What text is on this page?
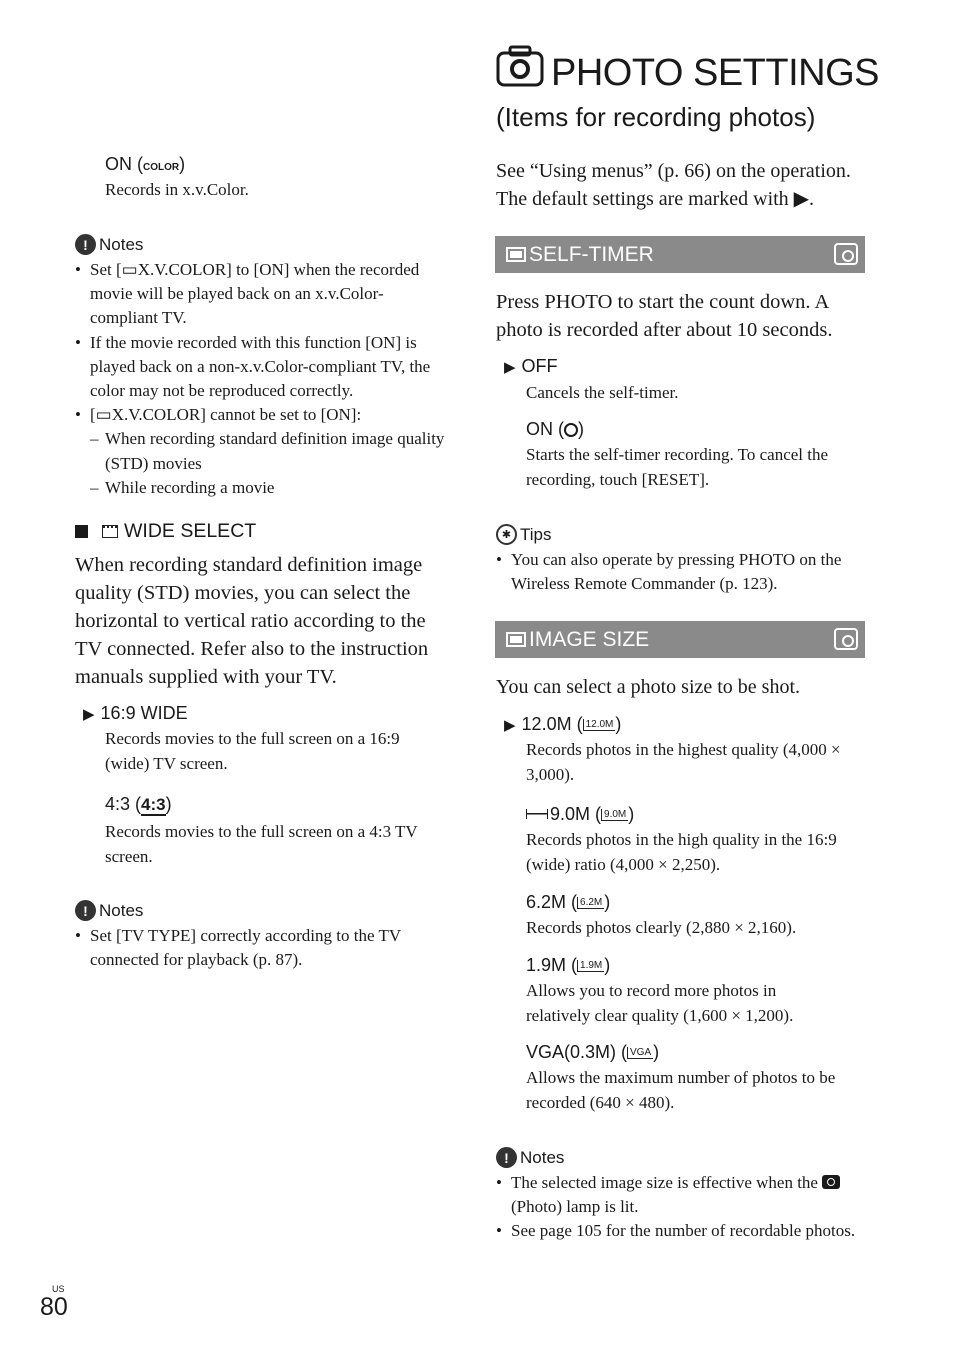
PHOTO SETTINGS
(Items for recording photos)
ON (COLOR)
Records in x.v.Color.
! Notes
• Set [▭X.V.COLOR] to [ON] when the recorded movie will be played back on an x.v.Color-compliant TV.
• If the movie recorded with this function [ON] is played back on a non-x.v.Color-compliant TV, the color may not be reproduced correctly.
• [▭X.V.COLOR] cannot be set to [ON]:
– When recording standard definition image quality (STD) movies
– While recording a movie
WIDE SELECT
When recording standard definition image quality (STD) movies, you can select the horizontal to vertical ratio according to the TV connected. Refer also to the instruction manuals supplied with your TV.
▶ 16:9 WIDE
Records movies to the full screen on a 16:9 (wide) TV screen.
4:3 (4:3)
Records movies to the full screen on a 4:3 TV screen.
! Notes
• Set [TV TYPE] correctly according to the TV connected for playback (p. 87).
See “Using menus” (p. 66) on the operation. The default settings are marked with ▶.
SELF-TIMER
Press PHOTO to start the count down. A photo is recorded after about 10 seconds.
▶ OFF
Cancels the self-timer.
ON ( )
Starts the self-timer recording. To cancel the recording, touch [RESET].
✱ Tips
• You can also operate by pressing PHOTO on the Wireless Remote Commander (p. 123).
IMAGE SIZE
You can select a photo size to be shot.
▶ 12.0M ( 12.0M )
Records photos in the highest quality (4,000 × 3,000).
9.0M ( 9.0M )
Records photos in the high quality in the 16:9 (wide) ratio (4,000 × 2,250).
6.2M ( 6.2M )
Records photos clearly (2,880 × 2,160).
1.9M ( 1.9M )
Allows you to record more photos in relatively clear quality (1,600 × 1,200).
VGA(0.3M) ( VGA )
Allows the maximum number of photos to be recorded (640 × 480).
! Notes
• The selected image size is effective when the
(Photo) lamp is lit.
• See page 105 for the number of recordable photos.
US
80
